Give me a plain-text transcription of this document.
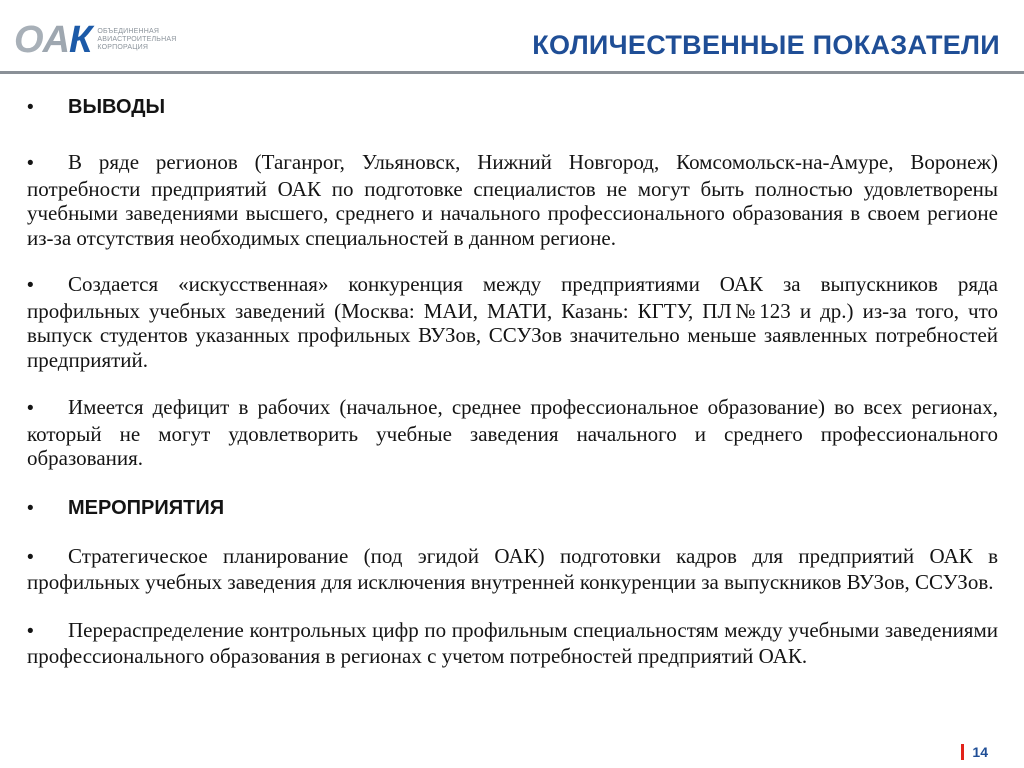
О А К ОБЪЕДИНЕННАЯ
АВИАСТРОИТЕЛЬНАЯ
КОРПОРАЦИЯ	КОЛИЧЕСТВЕННЫЕ ПОКАЗАТЕЛИ

• ВЫВОДЫ

• В ряде регионов (Таганрог, Ульяновск, Нижний Новгород, Комсомольск-на-Амуре, Воронеж) потребности предприятий ОАК по подготовке специалистов не могут быть полностью удовлетворены учебными заведениями высшего, среднего и начального профессионального образования в своем регионе из-за отсутствия необходимых специальностей в данном регионе.

• Создается «искусственная» конкуренция между предприятиями ОАК за выпускников ряда профильных учебных заведений (Москва: МАИ, МАТИ, Казань: КГТУ, ПЛ№123 и др.) из-за того, что выпуск студентов указанных профильных ВУЗов, ССУЗов значительно меньше заявленных потребностей предприятий.

• Имеется дефицит в рабочих (начальное, среднее профессиональное образование) во всех регионах, который не могут удовлетворить учебные заведения начального и среднего профессионального образования.

• МЕРОПРИЯТИЯ

• Стратегическое планирование (под эгидой ОАК) подготовки кадров для предприятий ОАК в профильных учебных заведения для исключения внутренней конкуренции за выпускников ВУЗов, ССУЗов.

• Перераспределение контрольных цифр по профильным специальностям между учебными заведениями профессионального образования в регионах с учетом потребностей предприятий ОАК.

14
